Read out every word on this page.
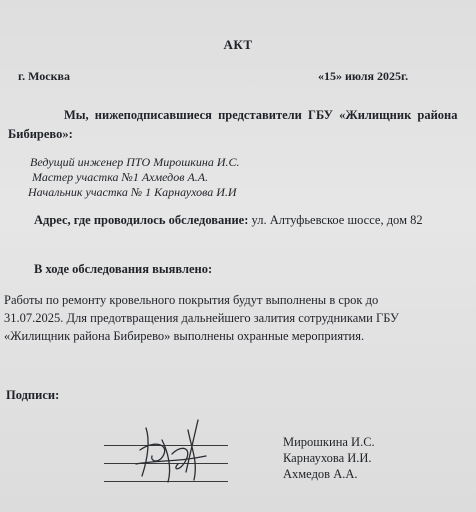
АКТ
г. Москва	«15» июля 2025г.
Мы, нижеподписавшиеся представители ГБУ «Жилищник района
Бибирево»:
Ведущий инженер ПТО Мирошкина И.С.
Мастер участка №1 Ахмедов А.А.
Начальник участка № 1 Карнаухова И.И
Адрес, где проводилось обследование: ул. Алтуфьевское шоссе, дом 82
В ходе обследования выявлено:
Работы по ремонту кровельного покрытия будут выполнены в срок до
31.07.2025. Для предотвращения дальнейшего залития сотрудниками ГБУ
«Жилищник района Бибирево» выполнены охранные мероприятия.
Подписи:
Мирошкина И.С.
Карнаухова И.И.
Ахмедов А.А.
